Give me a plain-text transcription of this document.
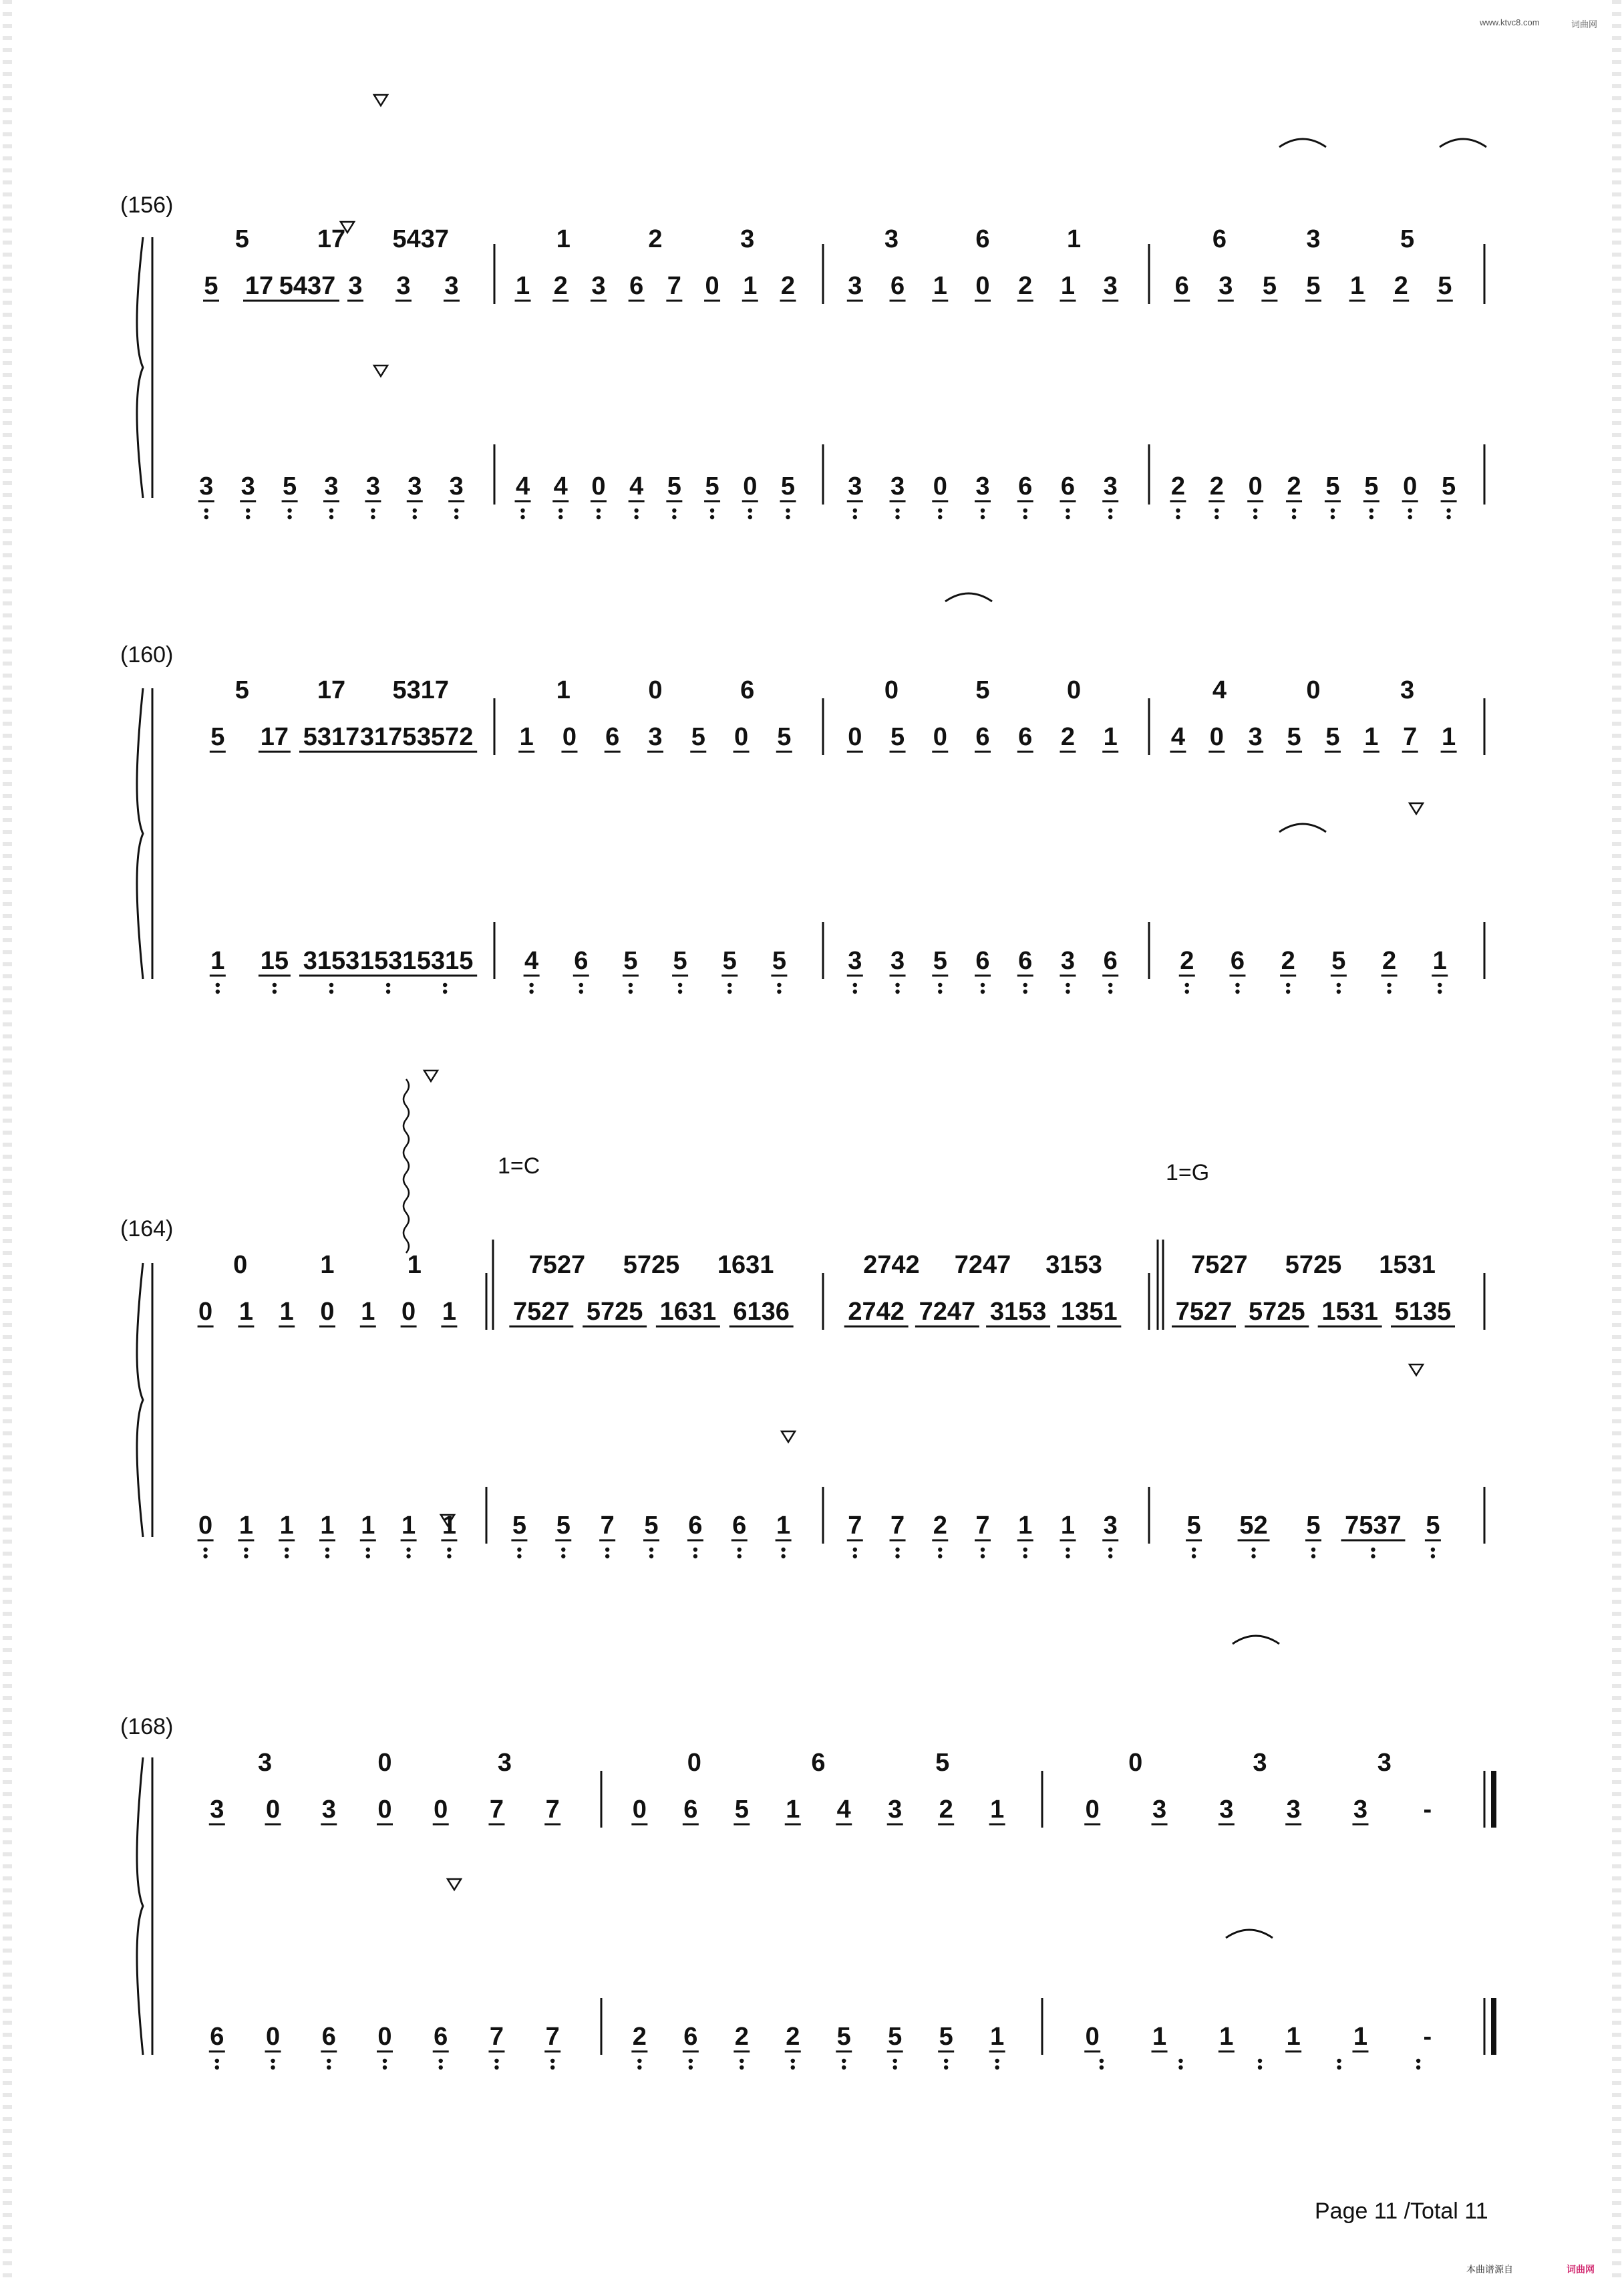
www.ktvc8.com	词曲网
(156)
(160)
(164)
(168)
1=C	1=G
Page 11 /Total 11
本曲谱源自	词曲网
5 17 5437 3 3 3
5	17 5437
1 2 3 6 7 0 1 2
1	2	3
3 6 1 0 2 1 3
3	6	1
6 3 5 5 1 2 5
6	3	5
3 3 5 3 3 3 3 4 4 0 4 5 5 0 5 3 3 0 3 6 6 3 2 2 0 2 5 5 0 5
5 17 5317 3175 3572
5	17 5317
1 0 6 3 5 0 5
1	0	6
0 5 0 6 6 2 1
0	5	0
4 0 3 5 5 1 7 1
4	0	3
1 15 3153 1531 5315 4 6 5 5 5 5 3 3 5 6 6 3 6 2 6 2 5 2 1
0 1 1 0 1 0 1
0	1	1
7527 5725 1631 6136
7527 5725 1631
2742 7247 3153 1351
2742 7247 3153
7527 5725 1531 5135
7527 5725 1531
0 1 1 1 1 1 1 5 5 7 5 6 6 1 7 7 2 7 1 1 3	5 52 5 7537 5
3 0 3 0 0 7 7
3	0	3
0 6 5 1 4 3 2 1
0	6	5
0 3 3 3 3 -
0	3	3
6 0 6 0 6 7 7	2 6 2 2 5 5 5 1	0 1 1 1 1 -
